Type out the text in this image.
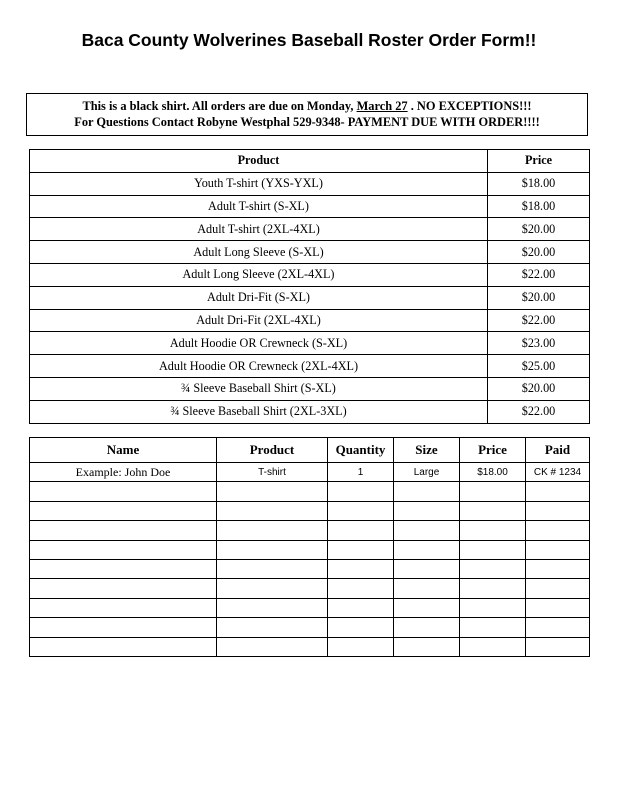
Baca County Wolverines Baseball Roster Order Form!!
This is a black shirt. All orders are due on Monday, March 27 . NO EXCEPTIONS!!!
For Questions Contact Robyne Westphal 529-9348- PAYMENT DUE WITH ORDER!!!!
Product	Price
Youth T-shirt (YXS-YXL)	$18.00
Adult T-shirt (S-XL)	$18.00
Adult T-shirt (2XL-4XL)	$20.00
Adult Long Sleeve (S-XL)	$20.00
Adult Long Sleeve (2XL-4XL)	$22.00
Adult Dri-Fit (S-XL)	$20.00
Adult Dri-Fit (2XL-4XL)	$22.00
Adult Hoodie OR Crewneck (S-XL)	$23.00
Adult Hoodie OR Crewneck (2XL-4XL)	$25.00
¾ Sleeve Baseball Shirt (S-XL)	$20.00
¾ Sleeve Baseball Shirt (2XL-3XL)	$22.00
Name	Product	Quantity	Size	Price	Paid
Example: John Doe	T-shirt	1	Large	$18.00	CK # 1234
